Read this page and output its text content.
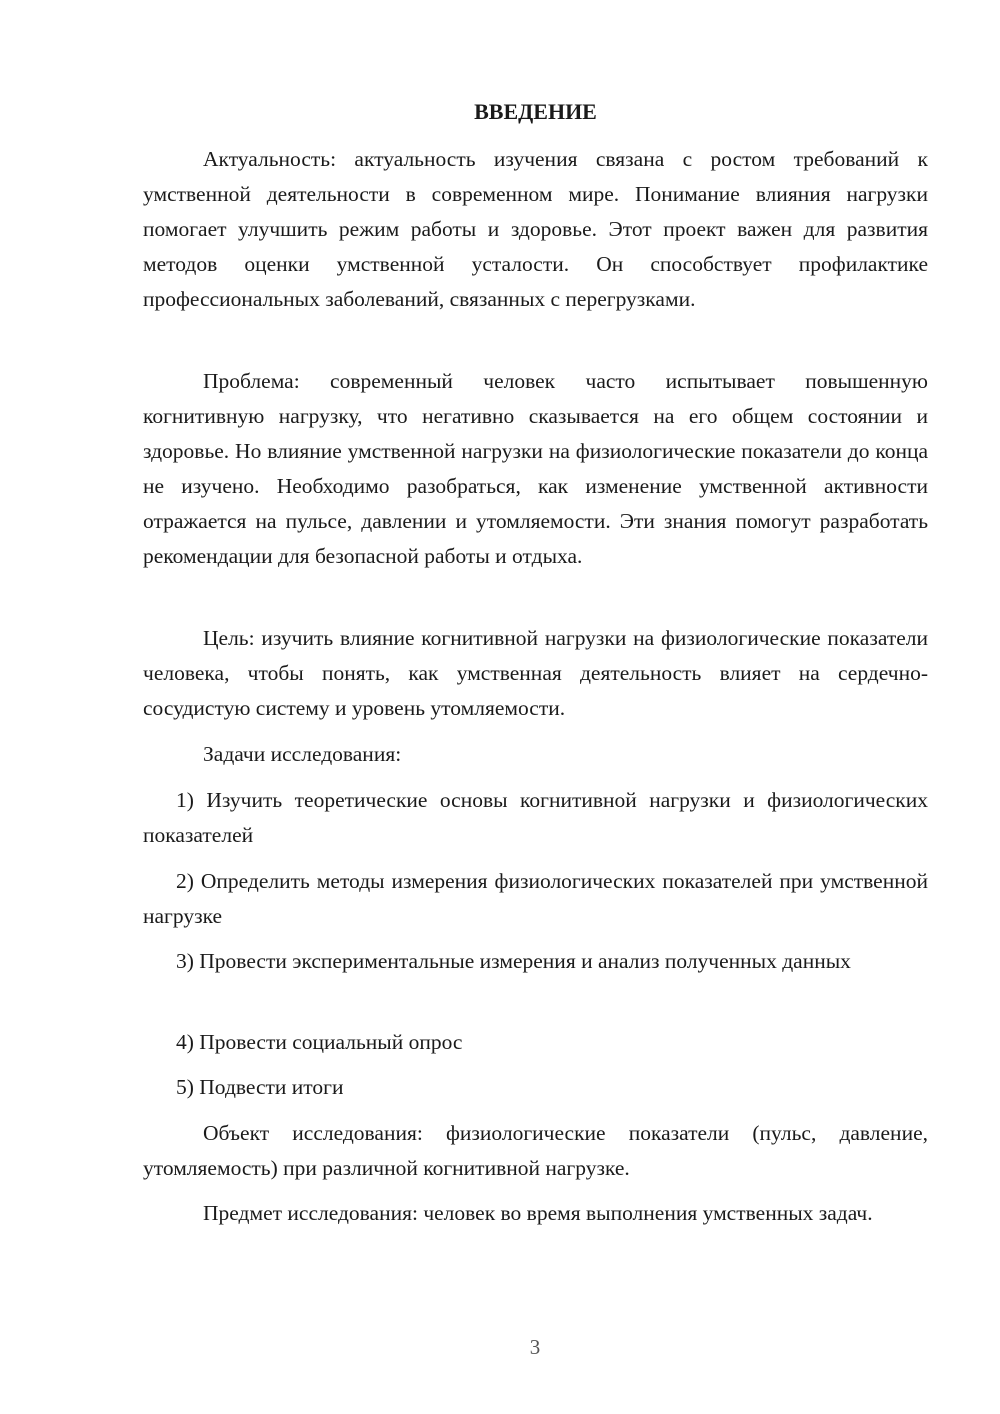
ВВЕДЕНИЕ

Актуальность: актуальность изучения связана с ростом требований к умственной деятельности в современном мире. Понимание влияния нагрузки помогает улучшить режим работы и здоровье. Этот проект важен для развития методов оценки умственной усталости. Он способствует профилактике профессиональных заболеваний, связанных с перегрузками.

Проблема: современный человек часто испытывает повышенную когнитивную нагрузку, что негативно сказывается на его общем состоянии и здоровье. Но влияние умственной нагрузки на физиологические показатели до конца не изучено. Необходимо разобраться, как изменение умственной активности отражается на пульсе, давлении и утомляемости. Эти знания помогут разработать рекомендации для безопасной работы и отдыха.

Цель: изучить влияние когнитивной нагрузки на физиологические показатели человека, чтобы понять, как умственная деятельность влияет на сердечно-сосудистую систему и уровень утомляемости.

Задачи исследования:

1) Изучить теоретические основы когнитивной нагрузки и физиологических показателей

2) Определить методы измерения физиологических показателей при умственной нагрузке

3) Провести экспериментальные измерения и анализ полученных данных

4) Провести социальный опрос

5) Подвести итоги

Объект исследования: физиологические показатели (пульс, давление, утомляемость) при различной когнитивной нагрузке.

Предмет исследования: человек во время выполнения умственных задач.

3
